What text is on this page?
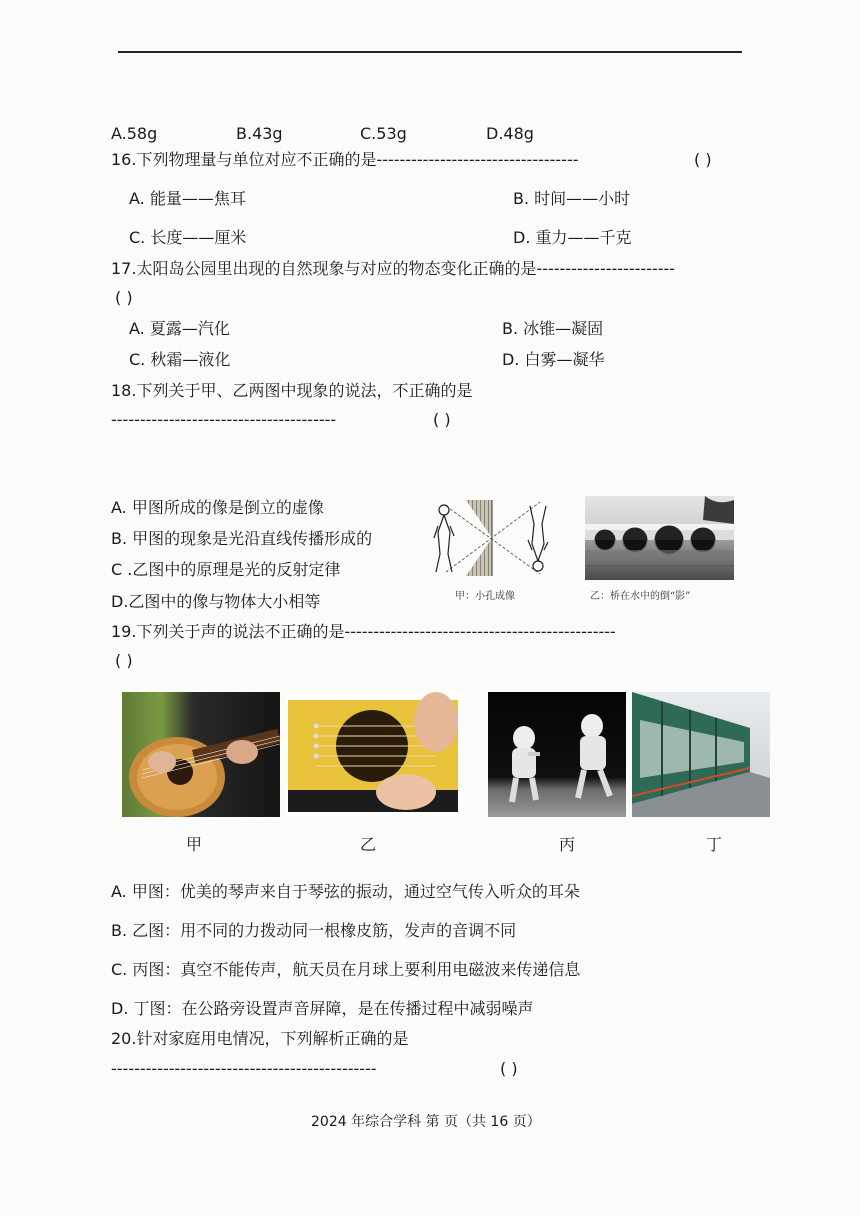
A.58g	B.43g	C.53g	D.48g
16.下列物理量与单位对应不正确的是-----------------------------------	( )
A. 能量——焦耳	B. 时间——小时
C. 长度——厘米	D. 重力——千克
17.太阳岛公园里出现的自然现象与对应的物态变化正确的是------------------------
( )
A. 夏露—汽化	B. 冰锥—凝固
C. 秋霜—液化	D. 白雾—凝华
18.下列关于甲、乙两图中现象的说法，不正确的是
---------------------------------------	( )
A. 甲图所成的像是倒立的虚像
B. 甲图的现象是光沿直线传播形成的
C .乙图中的原理是光的反射定律
D.乙图中的像与物体大小相等	甲：小孔成像	乙：桥在水中的倒“影”
19.下列关于声的说法不正确的是-----------------------------------------------
( )
甲	乙	丙	丁
A. 甲图：优美的琴声来自于琴弦的振动，通过空气传入听众的耳朵
B. 乙图：用不同的力拨动同一根橡皮筋，发声的音调不同
C. 丙图：真空不能传声，航天员在月球上要利用电磁波来传递信息
D. 丁图：在公路旁设置声音屏障，是在传播过程中减弱噪声
20.针对家庭用电情况，下列解析正确的是
----------------------------------------------	( )
2024 年综合学科 第 页（共 16 页）
